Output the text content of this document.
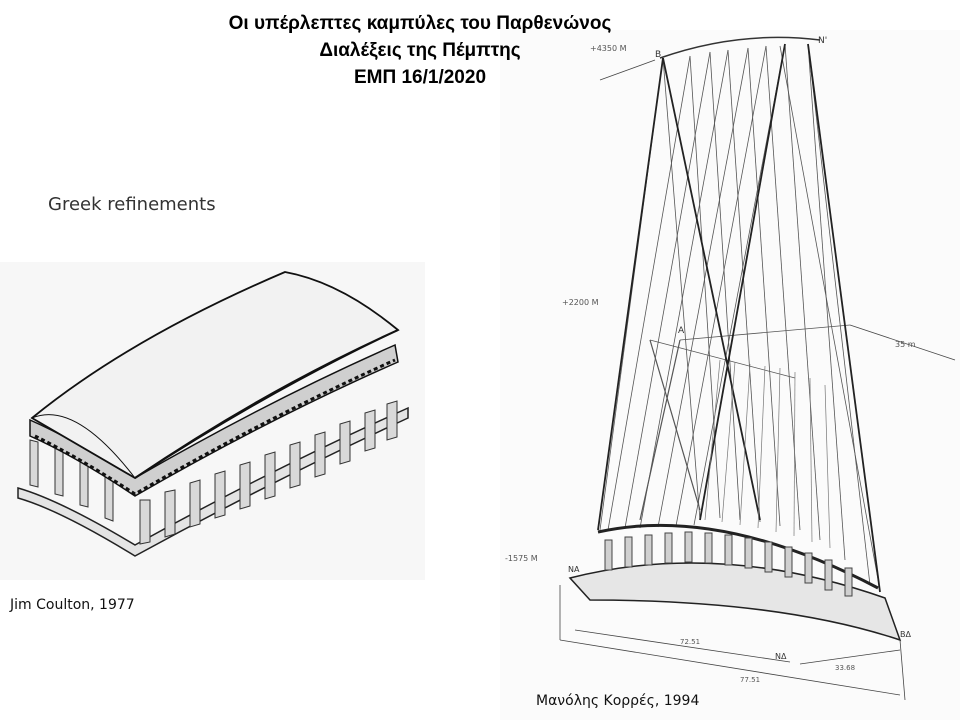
Οι υπέρλεπτες καμπύλες του Παρθενώνος
Διαλέξεις της Πέμπτης
ΕΜΠ 16/1/2020
Greek refinements
+4350 M
+2200 M
-1575 M
35 m
B
N'
A
NA
ΝΔ
ΒΔ
72.51
77.51
33.68
Jim Coulton, 1977
Μανόλης Κορρές, 1994
